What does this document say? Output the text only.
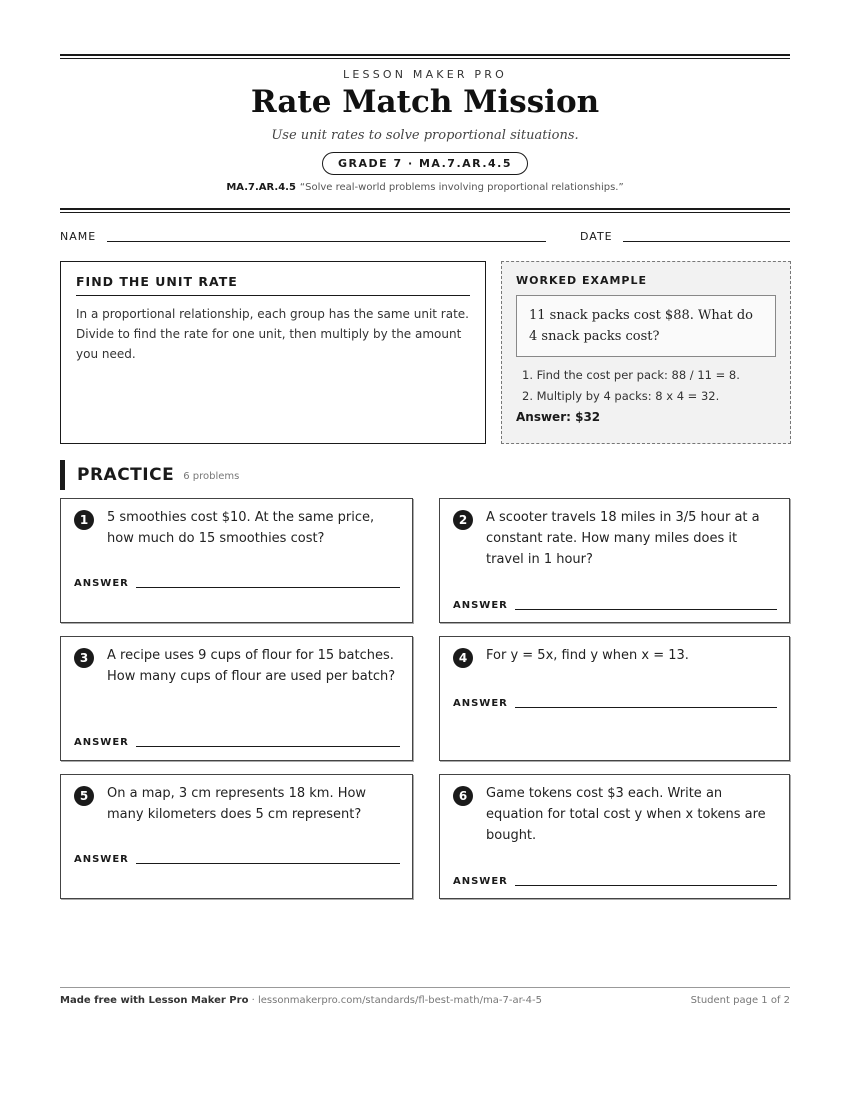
LESSON MAKER PRO
Rate Match Mission
Use unit rates to solve proportional situations.
GRADE 7 · MA.7.AR.4.5
MA.7.AR.4.5 “Solve real-world problems involving proportional relationships.”
NAME	DATE
FIND THE UNIT RATE

In a proportional relationship, each group has the same unit rate. Divide to find the rate for one unit, then multiply by the amount you need.

WORKED EXAMPLE
11 snack packs cost $88. What do 4 snack packs cost?
1. Find the cost per pack: 88 / 11 = 8.
2. Multiply by 4 packs: 8 x 4 = 32.
Answer: $32
PRACTICE 6 problems
1	5 smoothies cost $10. At the same price, how much do 15 smoothies cost?
ANSWER
2	A scooter travels 18 miles in 3/5 hour at a constant rate. How many miles does it travel in 1 hour?
ANSWER
3	A recipe uses 9 cups of flour for 15 batches. How many cups of flour are used per batch?
ANSWER
4	For y = 5x, find y when x = 13.
ANSWER
5	On a map, 3 cm represents 18 km. How many kilometers does 5 cm represent?
ANSWER
6	Game tokens cost $3 each. Write an equation for total cost y when x tokens are bought.
ANSWER
Made free with Lesson Maker Pro · lessonmakerpro.com/standards/fl-best-math/ma-7-ar-4-5	Student page 1 of 2
